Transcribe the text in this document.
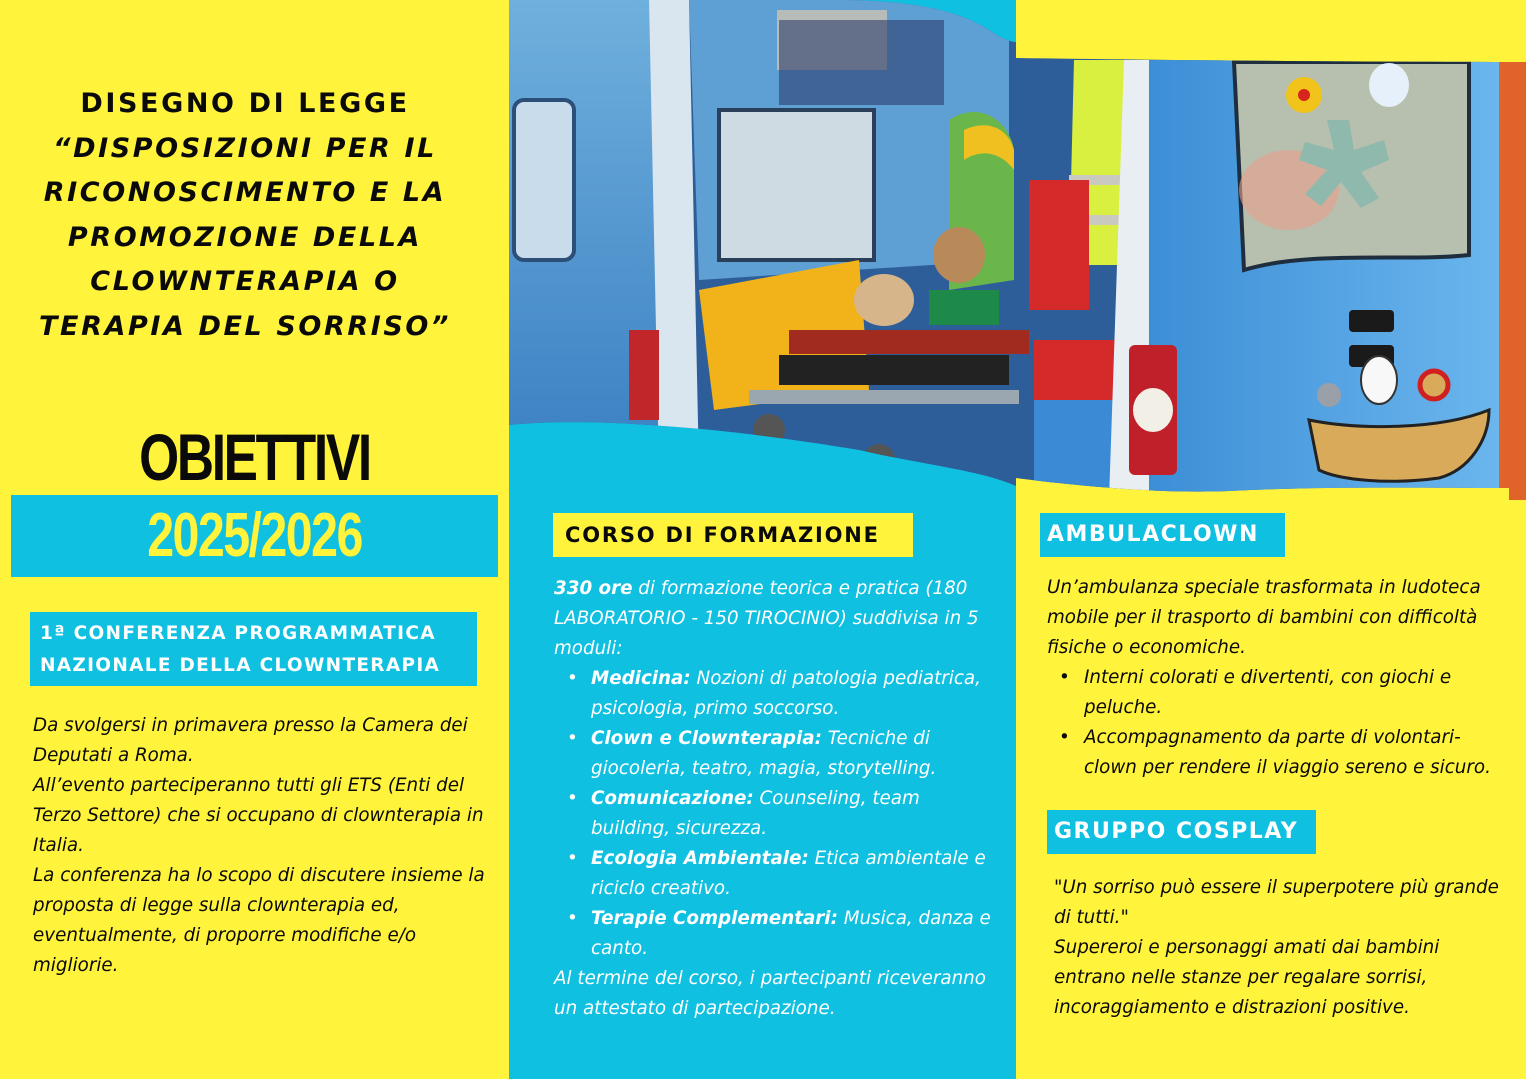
DISEGNO DI LEGGE
“DISPOSIZIONI PER IL RICONOSCIMENTO E LA PROMOZIONE DELLA CLOWNTERAPIA O TERAPIA DEL SORRISO”
OBIETTIVI
2025/2026
1ª CONFERENZA PROGRAMMATICA
NAZIONALE DELLA CLOWNTERAPIA
Da svolgersi in primavera presso la Camera dei Deputati a Roma.
All’evento parteciperanno tutti gli ETS (Enti del Terzo Settore) che si occupano di clownterapia in Italia.
La conferenza ha lo scopo di discutere insieme la proposta di legge sulla clownterapia ed, eventualmente, di proporre modifiche e/o migliorie.
CORSO DI FORMAZIONE
330 ore di formazione teorica e pratica (180 LABORATORIO - 150 TIROCINIO) suddivisa in 5 moduli:
• Medicina: Nozioni di patologia pediatrica, psicologia, primo soccorso.
• Clown e Clownterapia: Tecniche di giocoleria, teatro, magia, storytelling.
• Comunicazione: Counseling, team building, sicurezza.
• Ecologia Ambientale: Etica ambientale e riciclo creativo.
• Terapie Complementari: Musica, danza e canto.
Al termine del corso, i partecipanti riceveranno un attestato di partecipazione.
AMBULACLOWN
Un’ambulanza speciale trasformata in ludoteca mobile per il trasporto di bambini con difficoltà fisiche o economiche.
• Interni colorati e divertenti, con giochi e peluche.
• Accompagnamento da parte di volontari-clown per rendere il viaggio sereno e sicuro.
GRUPPO COSPLAY
"Un sorriso può essere il superpotere più grande di tutti."
Supereroi e personaggi amati dai bambini entrano nelle stanze per regalare sorrisi, incoraggiamento e distrazioni positive.
